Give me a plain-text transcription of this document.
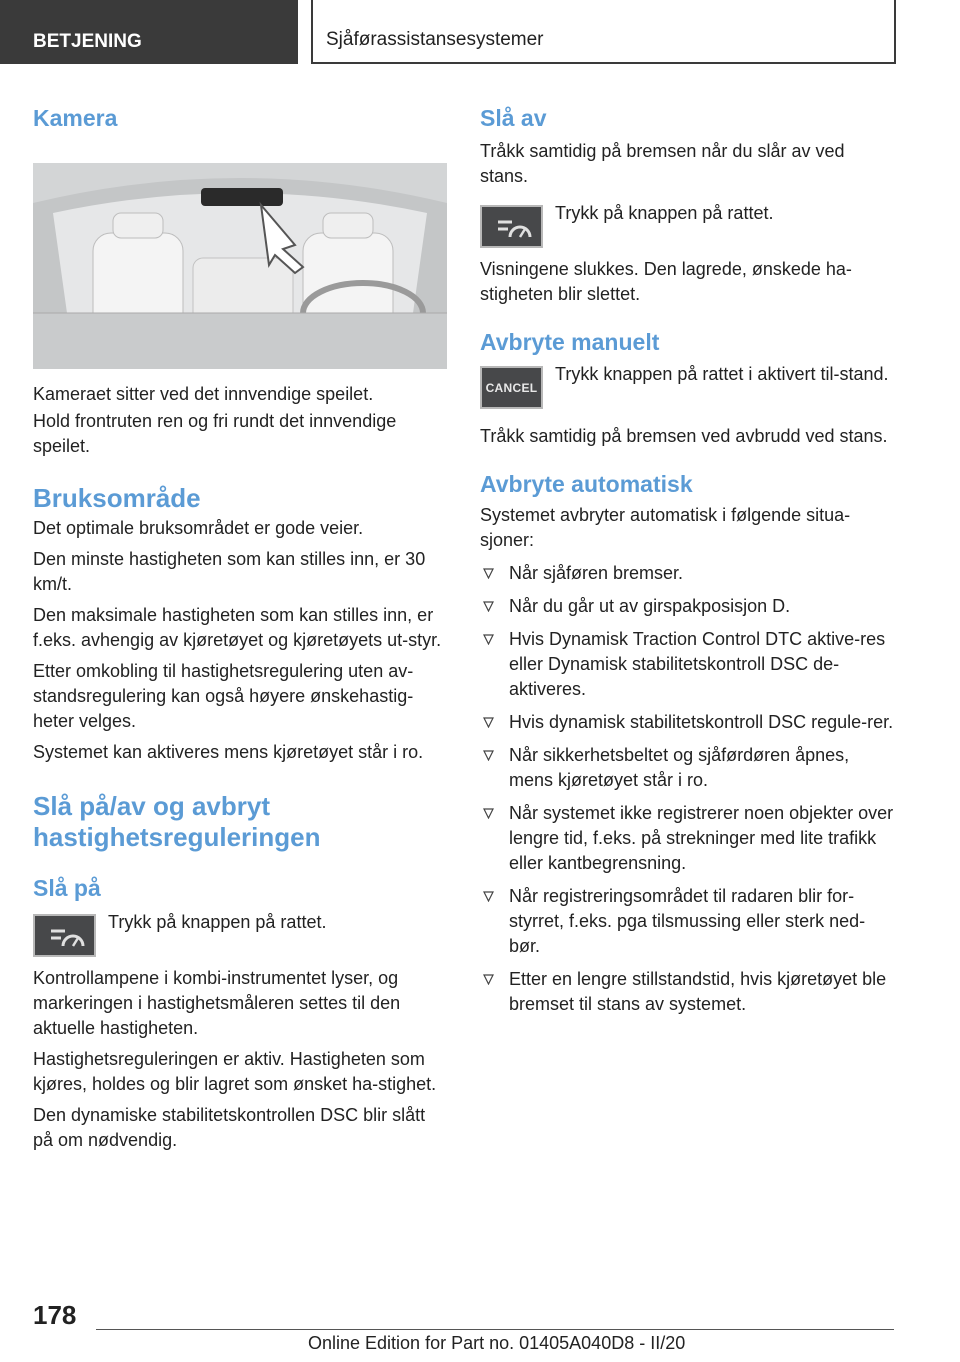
BETJENING	Sjåførassistansesystemer
Kamera

Kameraet sitter ved det innvendige speilet.

Hold frontruten ren og fri rundt det innvendige speilet.

Bruksområde

Det optimale bruksområdet er gode veier.

Den minste hastigheten som kan stilles inn, er 30 km/t.

Den maksimale hastigheten som kan stilles inn, er f.eks. avhengig av kjøretøyet og kjøretøyets ut-styr.

Etter omkobling til hastighetsregulering uten av-standsregulering kan også høyere ønskehastig-heter velges.

Systemet kan aktiveres mens kjøretøyet står i ro.

Slå på/av og avbryt hastighetsreguleringen
Slå på

Trykk på knappen på rattet.

Kontrollampene i kombi-instrumentet lyser, og markeringen i hastighetsmåleren settes til den aktuelle hastigheten.

Hastighetsreguleringen er aktiv. Hastigheten som kjøres, holdes og blir lagret som ønsket ha-stighet.

Den dynamiske stabilitetskontrollen DSC blir slått på om nødvendig.

Slå av

Tråkk samtidig på bremsen når du slår av ved stans.

Trykk på knappen på rattet.

Visningene slukkes. Den lagrede, ønskede ha-stigheten blir slettet.

Avbryte manuelt
CANCEL

Trykk knappen på rattet i aktivert til-stand.

Tråkk samtidig på bremsen ved avbrudd ved stans.

Avbryte automatisk

Systemet avbryter automatisk i følgende situa-sjoner:

Når sjåføren bremser.
Når du går ut av girspakposisjon D.
Hvis Dynamisk Traction Control DTC aktive-res eller Dynamisk stabilitetskontroll DSC de-aktiveres.
Hvis dynamisk stabilitetskontroll DSC regule-rer.
Når sikkerhetsbeltet og sjåførdøren åpnes, mens kjøretøyet står i ro.
Når systemet ikke registrerer noen objekter over lengre tid, f.eks. på strekninger med lite trafikk eller kantbegrensning.
Når registreringsområdet til radaren blir for-styrret, f.eks. pga tilsmussing eller sterk ned-bør.
Etter en lengre stillstandstid, hvis kjøretøyet ble bremset til stans av systemet.
178
Online Edition for Part no. 01405A040D8 - II/20
